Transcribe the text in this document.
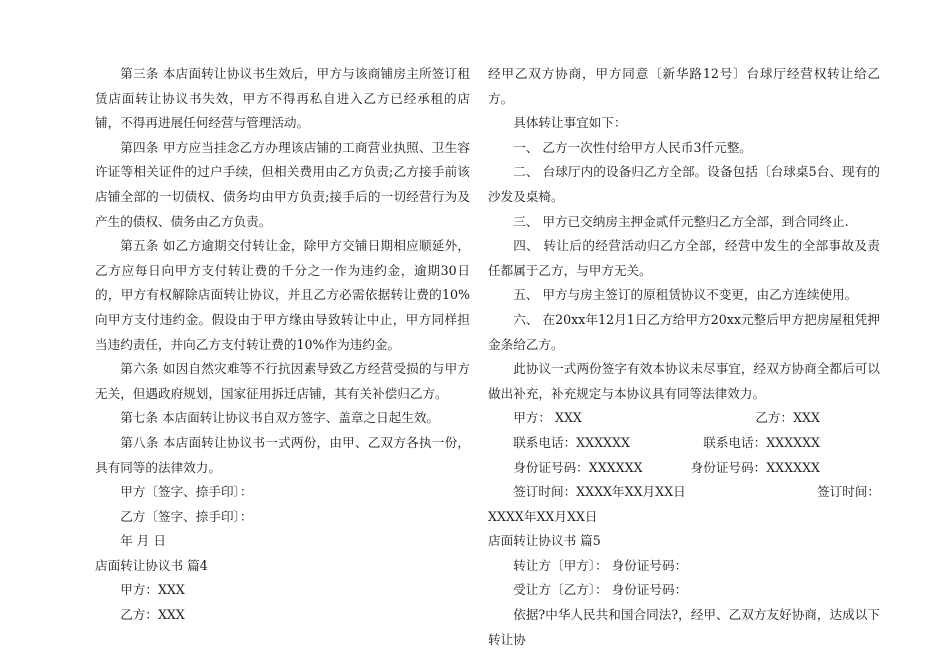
第三条 本店面转让协议书生效后，甲方与该商铺房主所签订租赁店面转让协议书失效，甲方不得再私自进入乙方已经承租的店铺，不得再进展任何经营与管理活动。

第四条 甲方应当挂念乙方办理该店铺的工商营业执照、卫生容许证等相关证件的过户手续，但相关费用由乙方负责;乙方接手前该店铺全部的一切债权、债务均由甲方负责;接手后的一切经营行为及产生的债权、债务由乙方负责。

第五条 如乙方逾期交付转让金，除甲方交铺日期相应顺延外，乙方应每日向甲方支付转让费的千分之一作为违约金，逾期30日的，甲方有权解除店面转让协议，并且乙方必需依据转让费的10%向甲方支付违约金。假设由于甲方缘由导致转让中止，甲方同样担当违约责任，并向乙方支付转让费的10%作为违约金。

第六条 如因自然灾难等不行抗因素导致乙方经营受损的与甲方无关，但遇政府规划，国家征用拆迁店铺，其有关补偿归乙方。

第七条 本店面转让协议书自双方签字、盖章之日起生效。

第八条 本店面转让协议书一式两份，由甲、乙双方各执一份，具有同等的法律效力。

甲方〔签字、捺手印〕：

乙方〔签字、捺手印〕：

年 月 日

店面转让协议书 篇4

甲方：XXX

乙方：XXX

经甲乙双方协商，甲方同意〔新华路12号〕台球厅经营权转让给乙方。

具体转让事宜如下：

一、 乙方一次性付给甲方人民币3仟元整。

二、 台球厅内的设备归乙方全部。设备包括〔台球桌5台、现有的沙发及桌椅。

三、 甲方已交纳房主押金贰仟元整归乙方全部，到合同终止.

四、 转让后的经营活动归乙方全部，经营中发生的全部事故及责任都属于乙方，与甲方无关。

五、 甲方与房主签订的原租赁协议不变更，由乙方连续使用。

六、 在20xx年12月1日乙方给甲方20xx元整后甲方把房屋租凭押金条给乙方。

此协议一式两份签字有效本协议未尽事宜，经双方协商全都后可以做出补充，补充规定与本协议具有同等法律效力。

甲方： XXX	乙方：XXX
联系电话：XXXXXX	联系电话：XXXXXX
身份证号码：XXXXXX	身份证号码：XXXXXX
签订时间：XXXX年XX月XX日	签订时间：

XXXX年XX月XX日

店面转让协议书 篇5

转让方〔甲方〕： 身份证号码：

受让方〔乙方〕： 身份证号码：

依据?中华人民共和国合同法?，经甲、乙双方友好协商，达成以下转让协
